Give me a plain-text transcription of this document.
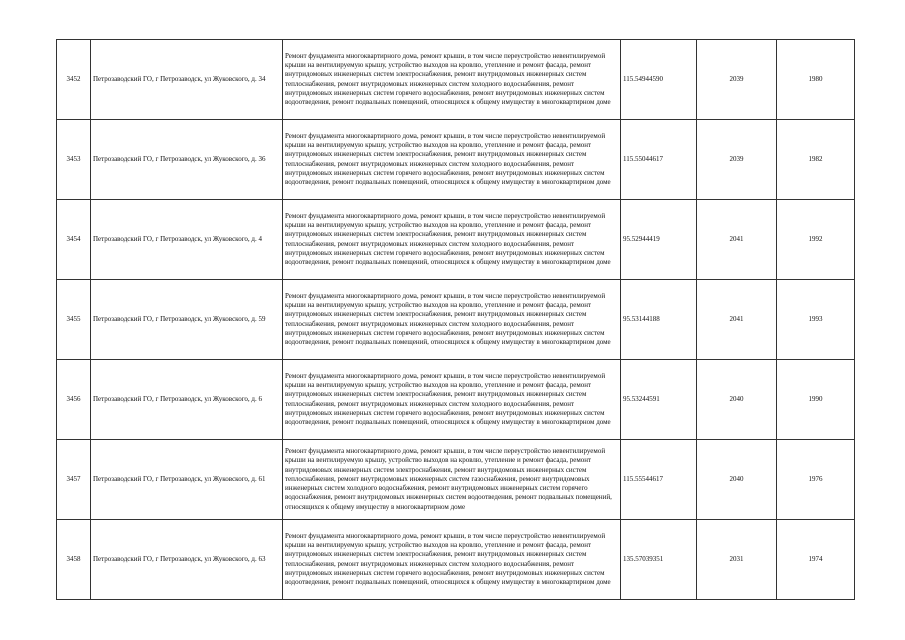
3452	Петрозаводский ГО, г Петрозаводск, ул Жуковского, д. 34	Ремонт фундамента многоквартирного дома, ремонт крыши, в том числе переустройство невентилируемой крыши на вентилируемую крышу, устройство выходов на кровлю, утепление и ремонт фасада, ремонт внутридомовых инженерных систем электроснабжения, ремонт внутридомовых инженерных систем теплоснабжения, ремонт внутридомовых инженерных систем холодного водоснабжения, ремонт внутридомовых инженерных систем горячего водоснабжения, ремонт внутридомовых инженерных систем водоотведения, ремонт подвальных помещений, относящихся к общему имуществу в многоквартирном доме	115.54944590	2039	1980
3453	Петрозаводский ГО, г Петрозаводск, ул Жуковского, д. 36	Ремонт фундамента многоквартирного дома, ремонт крыши, в том числе переустройство невентилируемой крыши на вентилируемую крышу, устройство выходов на кровлю, утепление и ремонт фасада, ремонт внутридомовых инженерных систем электроснабжения, ремонт внутридомовых инженерных систем теплоснабжения, ремонт внутридомовых инженерных систем холодного водоснабжения, ремонт внутридомовых инженерных систем горячего водоснабжения, ремонт внутридомовых инженерных систем водоотведения, ремонт подвальных помещений, относящихся к общему имуществу в многоквартирном доме	115.55044617	2039	1982
3454	Петрозаводский ГО, г Петрозаводск, ул Жуковского, д. 4	Ремонт фундамента многоквартирного дома, ремонт крыши, в том числе переустройство невентилируемой крыши на вентилируемую крышу, устройство выходов на кровлю, утепление и ремонт фасада, ремонт внутридомовых инженерных систем электроснабжения, ремонт внутридомовых инженерных систем теплоснабжения, ремонт внутридомовых инженерных систем холодного водоснабжения, ремонт внутридомовых инженерных систем горячего водоснабжения, ремонт внутридомовых инженерных систем водоотведения, ремонт подвальных помещений, относящихся к общему имуществу в многоквартирном доме	95.52944419	2041	1992
3455	Петрозаводский ГО, г Петрозаводск, ул Жуковского, д. 59	Ремонт фундамента многоквартирного дома, ремонт крыши, в том числе переустройство невентилируемой крыши на вентилируемую крышу, устройство выходов на кровлю, утепление и ремонт фасада, ремонт внутридомовых инженерных систем электроснабжения, ремонт внутридомовых инженерных систем теплоснабжения, ремонт внутридомовых инженерных систем холодного водоснабжения, ремонт внутридомовых инженерных систем горячего водоснабжения, ремонт внутридомовых инженерных систем водоотведения, ремонт подвальных помещений, относящихся к общему имуществу в многоквартирном доме	95.53144188	2041	1993
3456	Петрозаводский ГО, г Петрозаводск, ул Жуковского, д. 6	Ремонт фундамента многоквартирного дома, ремонт крыши, в том числе переустройство невентилируемой крыши на вентилируемую крышу, устройство выходов на кровлю, утепление и ремонт фасада, ремонт внутридомовых инженерных систем электроснабжения, ремонт внутридомовых инженерных систем теплоснабжения, ремонт внутридомовых инженерных систем холодного водоснабжения, ремонт внутридомовых инженерных систем горячего водоснабжения, ремонт внутридомовых инженерных систем водоотведения, ремонт подвальных помещений, относящихся к общему имуществу в многоквартирном доме	95.53244591	2040	1990
3457	Петрозаводский ГО, г Петрозаводск, ул Жуковского, д. 61	Ремонт фундамента многоквартирного дома, ремонт крыши, в том числе переустройство невентилируемой крыши на вентилируемую крышу, устройство выходов на кровлю, утепление и ремонт фасада, ремонт внутридомовых инженерных систем электроснабжения, ремонт внутридомовых инженерных систем теплоснабжения, ремонт внутридомовых инженерных систем газоснабжения, ремонт внутридомовых инженерных систем холодного водоснабжения, ремонт внутридомовых инженерных систем горячего водоснабжения, ремонт внутридомовых инженерных систем водоотведения, ремонт подвальных помещений, относящихся к общему имуществу в многоквартирном доме	115.55544617	2040	1976
3458	Петрозаводский ГО, г Петрозаводск, ул Жуковского, д. 63	Ремонт фундамента многоквартирного дома, ремонт крыши, в том числе переустройство невентилируемой крыши на вентилируемую крышу, устройство выходов на кровлю, утепление и ремонт фасада, ремонт внутридомовых инженерных систем электроснабжения, ремонт внутридомовых инженерных систем теплоснабжения, ремонт внутридомовых инженерных систем холодного водоснабжения, ремонт внутридомовых инженерных систем горячего водоснабжения, ремонт внутридомовых инженерных систем водоотведения, ремонт подвальных помещений, относящихся к общему имуществу в многоквартирном доме	135.57039351	2031	1974
